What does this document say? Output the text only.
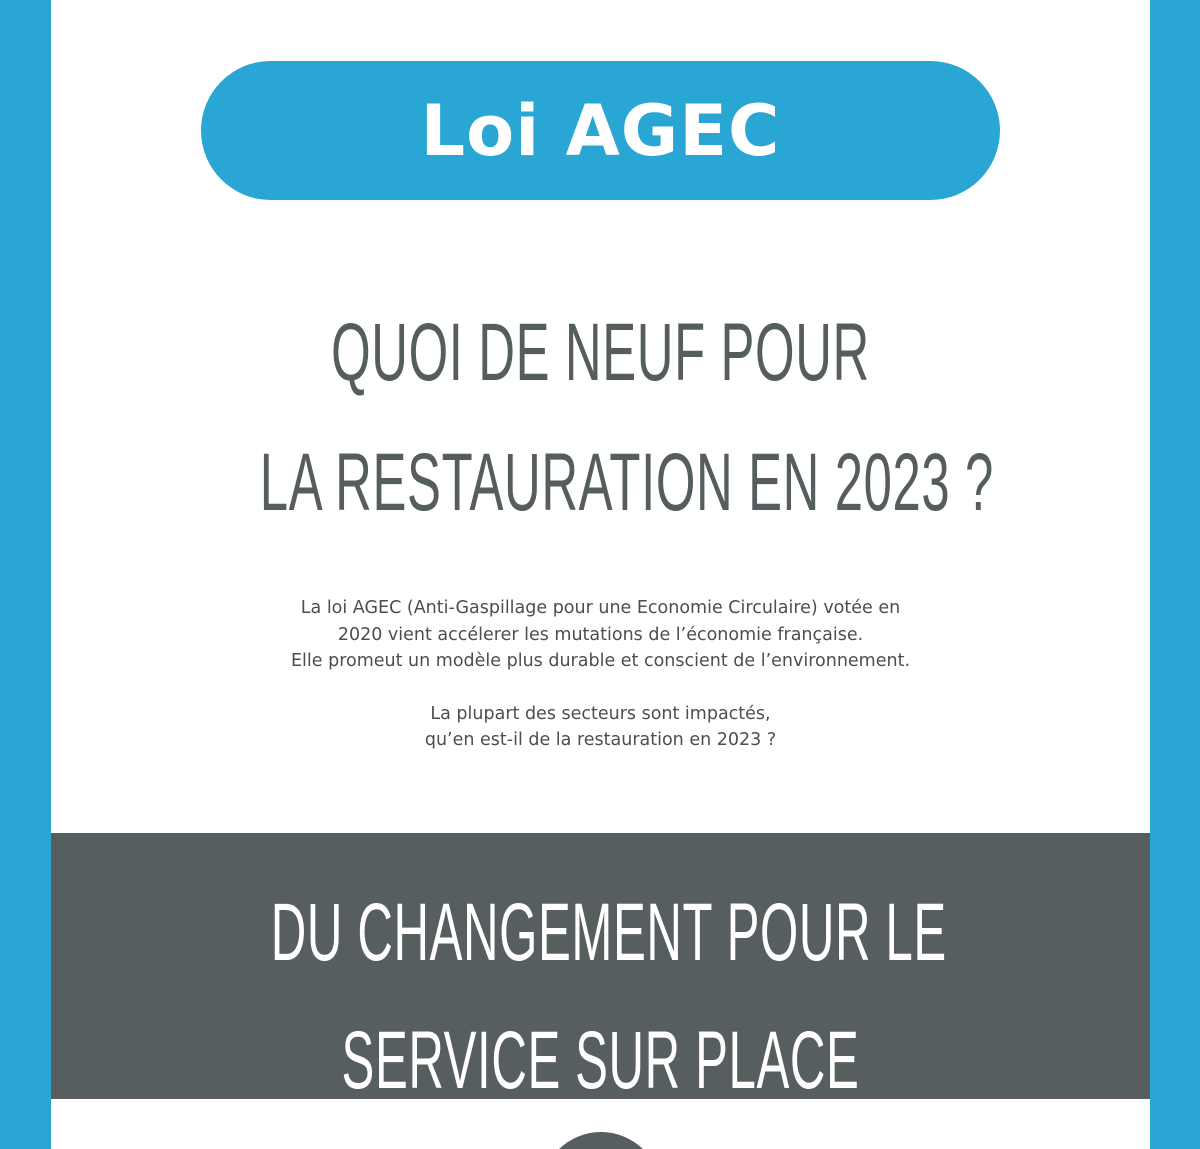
Loi AGEC
QUOI DE NEUF POUR
LA RESTAURATION EN 2023 ?

La loi AGEC (Anti-Gaspillage pour une Economie Circulaire) votée en

2020 vient accélerer les mutations de l’économie française.

Elle promeut un modèle plus durable et conscient de l’environnement.

La plupart des secteurs sont impactés,

qu’en est-il de la restauration en 2023 ?

DU CHANGEMENT POUR LE
SERVICE SUR PLACE
